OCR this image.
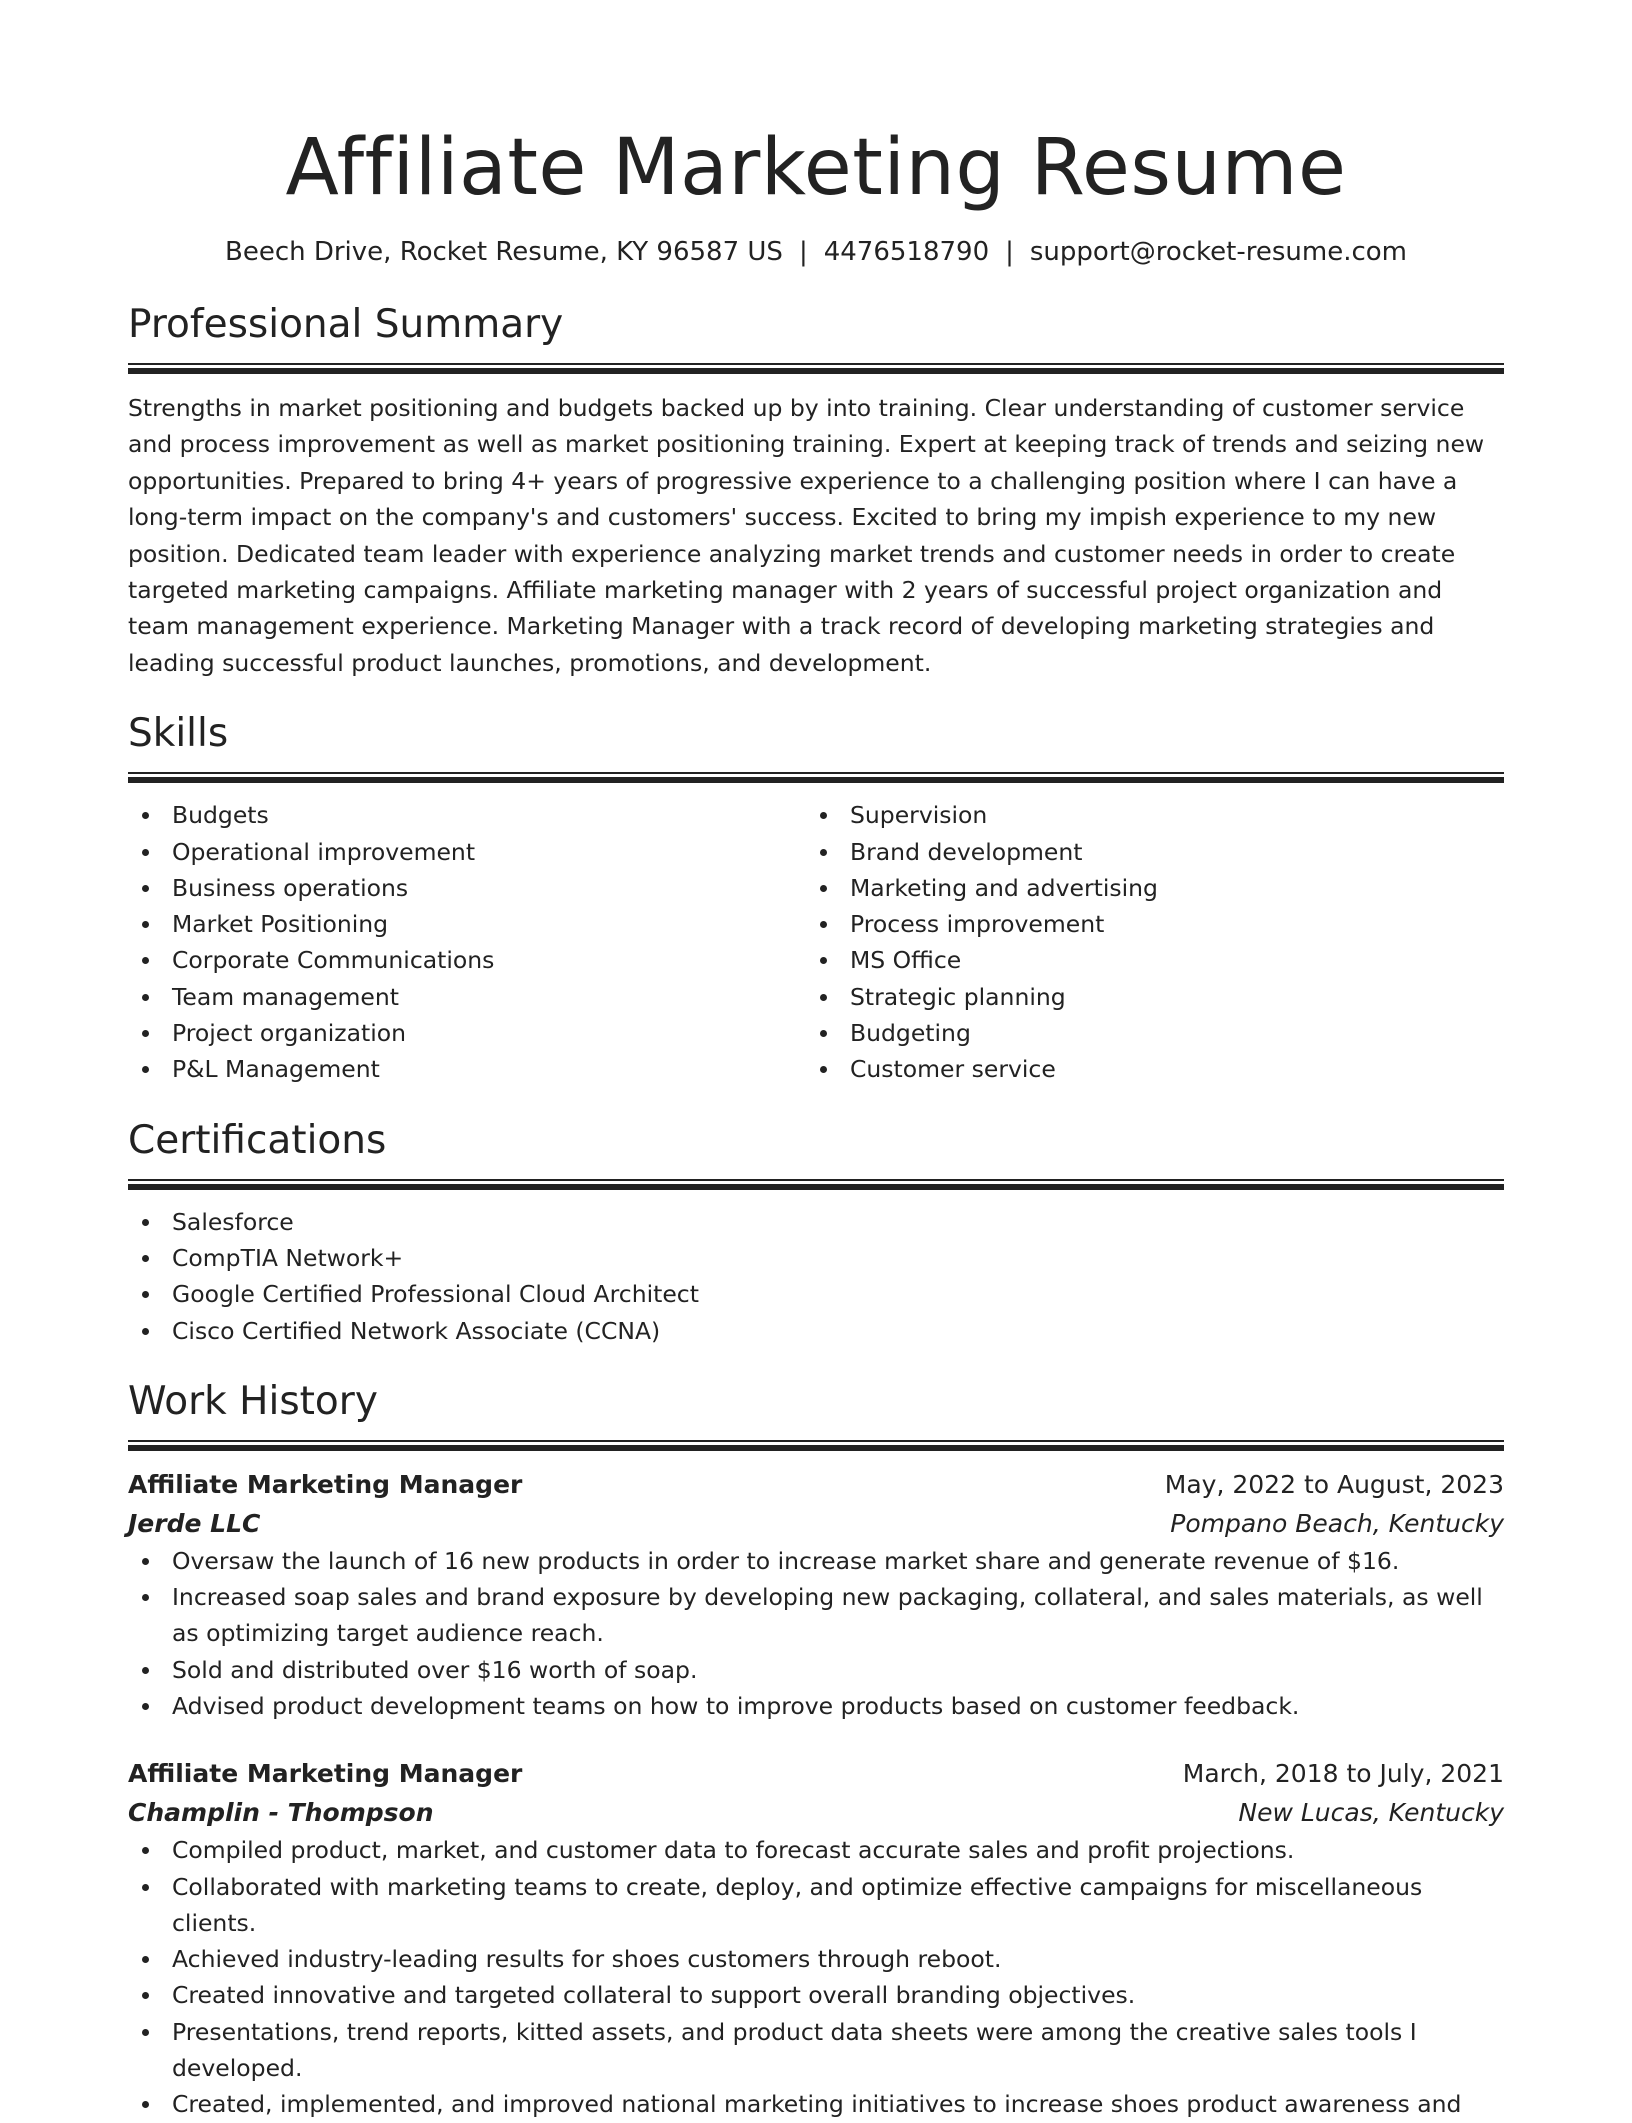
Affiliate Marketing Resume
Beech Drive, Rocket Resume, KY 96587 US | 4476518790 | support@rocket-resume.com
Professional Summary

Strengths in market positioning and budgets backed up by into training. Clear understanding of customer service and process improvement as well as market positioning training. Expert at keeping track of trends and seizing new opportunities. Prepared to bring 4+ years of progressive experience to a challenging position where I can have a long-term impact on the company's and customers' success. Excited to bring my impish experience to my new position. Dedicated team leader with experience analyzing market trends and customer needs in order to create targeted marketing campaigns. Affiliate marketing manager with 2 years of successful project organization and team management experience. Marketing Manager with a track record of developing marketing strategies and leading successful product launches, promotions, and development.

Skills
Budgets
Operational improvement
Business operations
Market Positioning
Corporate Communications
Team management
Project organization
P&L Management
Supervision
Brand development
Marketing and advertising
Process improvement
MS Office
Strategic planning
Budgeting
Customer service
Certifications
Salesforce
CompTIA Network+
Google Certified Professional Cloud Architect
Cisco Certified Network Associate (CCNA)
Work History
Affiliate Marketing Manager	May, 2022 to August, 2023
Jerde LLC	Pompano Beach, Kentucky
Oversaw the launch of 16 new products in order to increase market share and generate revenue of $16.
Increased soap sales and brand exposure by developing new packaging, collateral, and sales materials, as well as optimizing target audience reach.
Sold and distributed over $16 worth of soap.
Advised product development teams on how to improve products based on customer feedback.
Affiliate Marketing Manager	March, 2018 to July, 2021
Champlin - Thompson	New Lucas, Kentucky
Compiled product, market, and customer data to forecast accurate sales and profit projections.
Collaborated with marketing teams to create, deploy, and optimize effective campaigns for miscellaneous clients.
Achieved industry-leading results for shoes customers through reboot.
Created innovative and targeted collateral to support overall branding objectives.
Presentations, trend reports, kitted assets, and product data sheets were among the creative sales tools I developed.
Created, implemented, and improved national marketing initiatives to increase shoes product awareness and
